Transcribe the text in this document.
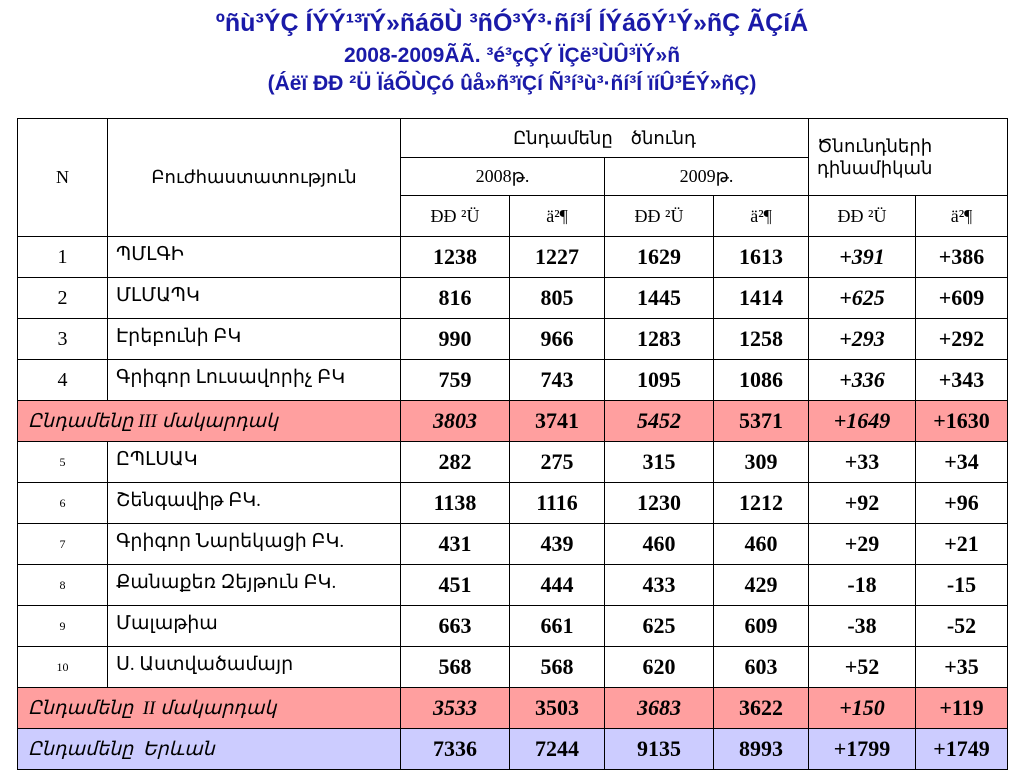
ºñù³ÝÇ ÍÝÝ¹³ïÝ»ñáõÙ ³ñÓ³Ý³·ñí³Í ÍÝáõÝ¹Ý»ñÇ ÃÇíÁ
2008-2009ÃÃ. ³é³çÇÝ ÏÇë³ÙÛ³ÏÝ»ñ
(Áëï ÐÐ ²Ü ÏáÕÙÇó ûå»ñ³ïÇí Ñ³í³ù³·ñí³Í ïíÛ³ÉÝ»ñÇ)
N	Բուժհաստատություն	Ընդամենը    ծնունդ				Ծնունդների դինամիկան	
		2008թ.		2009թ.			
		ÐÐ ²Ü	ä²¶	ÐÐ ²Ü	ä²¶	ÐÐ ²Ü	ä²¶
1	ՊՄԼԳԻ	1238	1227	1629	1613	+391	+386
2	ՄԼՄԱՊԿ	816	805	1445	1414	+625	+609
3	Էրեբունի ԲԿ	990	966	1283	1258	+293	+292
4	Գրիգոր Լուսավորիչ ԲԿ	759	743	1095	1086	+336	+343
Ընդամենը III մակարդակ		3803	3741	5452	5371	+1649	+1630
5	ԸՊԼՍԱԿ	282	275	315	309	+33	+34
6	Շենգավիթ ԲԿ.	1138	1116	1230	1212	+92	+96
7	Գրիգոր Նարեկացի ԲԿ.	431	439	460	460	+29	+21
8	Քանաքեռ Զեյթուն ԲԿ.	451	444	433	429	-18	-15
9	Մալաթիա	663	661	625	609	-38	-52
10	Ս. Աստվածամայր	568	568	620	603	+52	+35
Ընդամենը  II մակարդակ		3533	3503	3683	3622	+150	+119
Ընդամենը  Երևան		7336	7244	9135	8993	+1799	+1749
